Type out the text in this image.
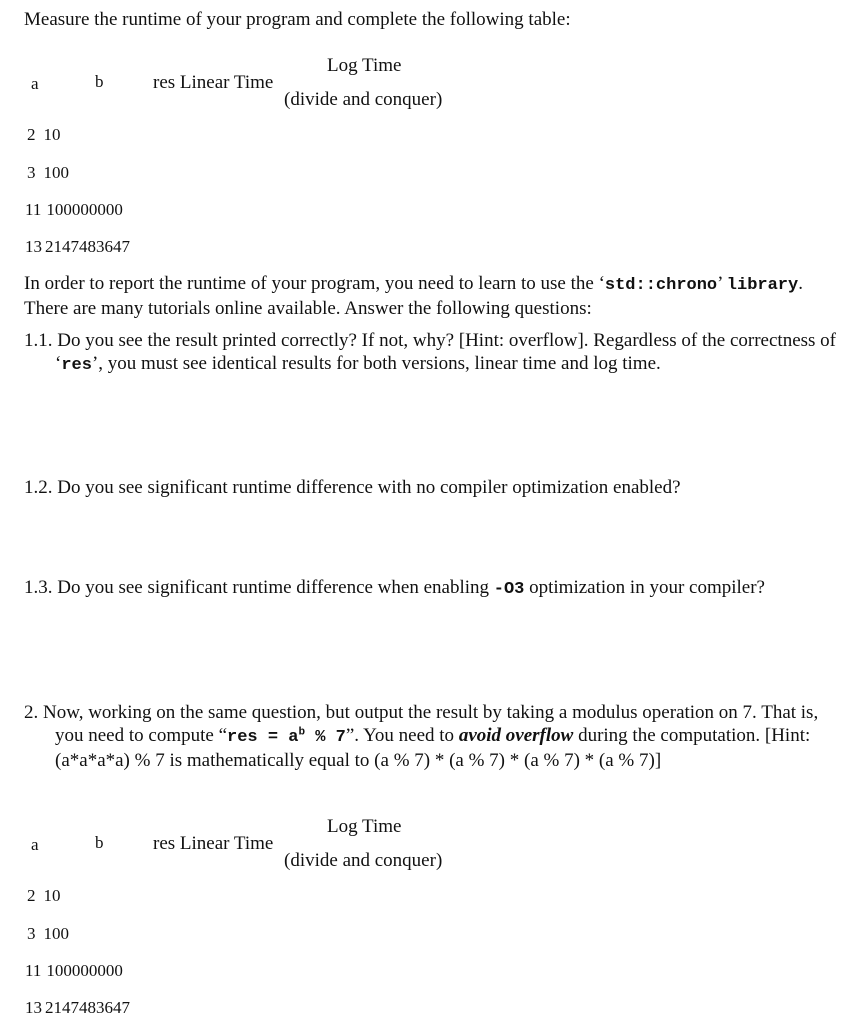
Measure the runtime of your program and complete the following table:
a	b	res Linear Time
Log Time
(divide and conquer)
2 10
3 100
11 100000000
13 2147483647
In order to report the runtime of your program, you need to learn to use the ‘std::chrono’ library. There are many tutorials online available. Answer the following questions:
1.1. Do you see the result printed correctly? If not, why? [Hint: overflow]. Regardless of the correctness of ‘res’, you must see identical results for both versions, linear time and log time.
1.2. Do you see significant runtime difference with no compiler optimization enabled?
1.3. Do you see significant runtime difference when enabling -O3 optimization in your compiler?
2. Now, working on the same question, but output the result by taking a modulus operation on 7. That is, you need to compute “res = $a^b$ % 7”. You need to avoid overflow during the computation. [Hint: (a*a*a*a) % 7 is mathematically equal to (a % 7) * (a % 7) * (a % 7) * (a % 7)]
a	b	res Linear Time
Log Time
(divide and conquer)
2 10
3 100
11 100000000
13 2147483647
